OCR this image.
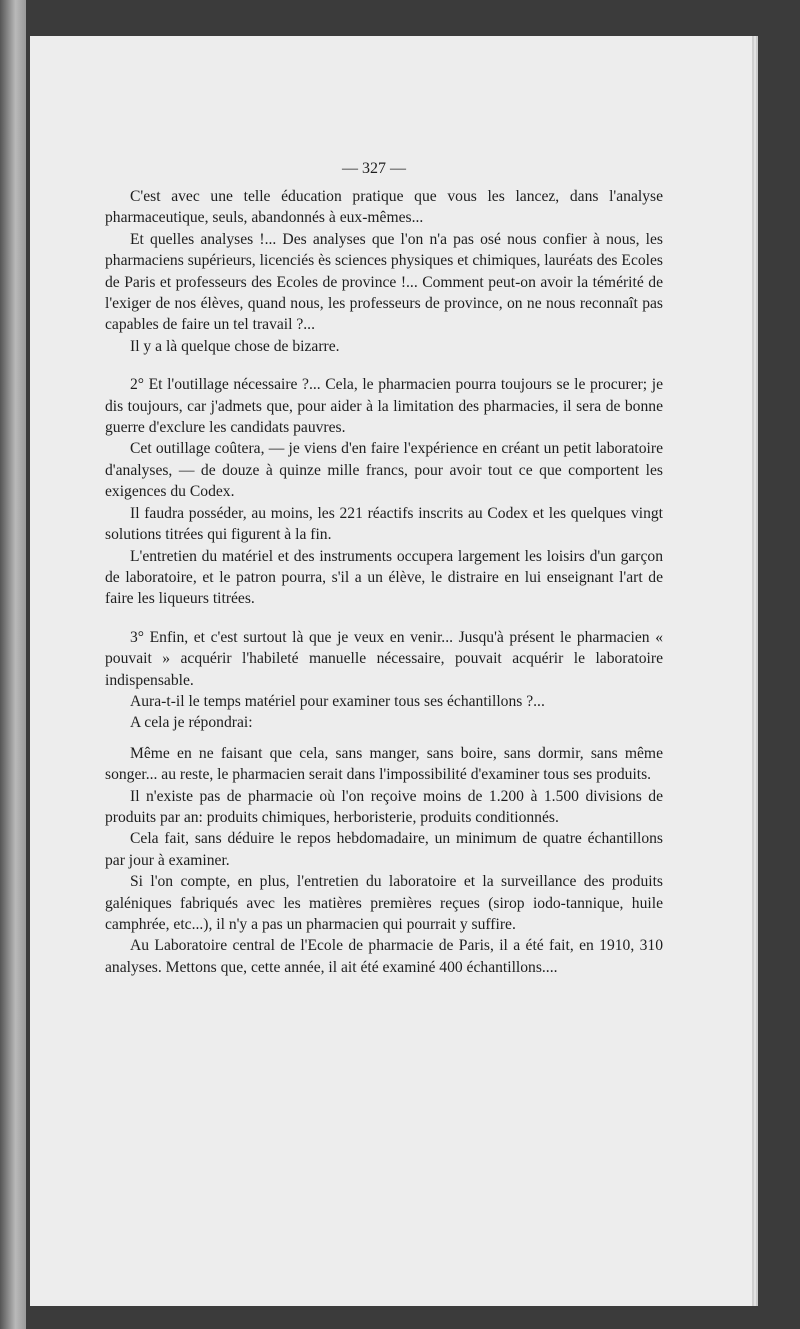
— 327 —

C'est avec une telle éducation pratique que vous les lancez, dans l'analyse pharmaceutique, seuls, abandonnés à eux-mêmes...

Et quelles analyses !... Des analyses que l'on n'a pas osé nous confier à nous, les pharmaciens supérieurs, licenciés ès sciences physiques et chimiques, lauréats des Ecoles de Paris et professeurs des Ecoles de province !... Comment peut-on avoir la témérité de l'exiger de nos élèves, quand nous, les professeurs de province, on ne nous reconnaît pas capables de faire un tel travail ?...

Il y a là quelque chose de bizarre.

2° Et l'outillage nécessaire ?... Cela, le pharmacien pourra toujours se le procurer; je dis toujours, car j'admets que, pour aider à la limitation des pharmacies, il sera de bonne guerre d'exclure les candidats pauvres.

Cet outillage coûtera, — je viens d'en faire l'expérience en créant un petit laboratoire d'analyses, — de douze à quinze mille francs, pour avoir tout ce que comportent les exigences du Codex.

Il faudra posséder, au moins, les 221 réactifs inscrits au Codex et les quelques vingt solutions titrées qui figurent à la fin.

L'entretien du matériel et des instruments occupera largement les loisirs d'un garçon de laboratoire, et le patron pourra, s'il a un élève, le distraire en lui enseignant l'art de faire les liqueurs titrées.

3° Enfin, et c'est surtout là que je veux en venir... Jusqu'à présent le pharmacien « pouvait » acquérir l'habileté manuelle nécessaire, pouvait acquérir le laboratoire indispensable.

Aura-t-il le temps matériel pour examiner tous ses échantillons ?...

A cela je répondrai:

Même en ne faisant que cela, sans manger, sans boire, sans dormir, sans même songer... au reste, le pharmacien serait dans l'impossibilité d'examiner tous ses produits.

Il n'existe pas de pharmacie où l'on reçoive moins de 1.200 à 1.500 divisions de produits par an: produits chimiques, herboristerie, produits conditionnés.

Cela fait, sans déduire le repos hebdomadaire, un minimum de quatre échantillons par jour à examiner.

Si l'on compte, en plus, l'entretien du laboratoire et la surveillance des produits galéniques fabriqués avec les matières premières reçues (sirop iodo-tannique, huile camphrée, etc...), il n'y a pas un pharmacien qui pourrait y suffire.

Au Laboratoire central de l'Ecole de pharmacie de Paris, il a été fait, en 1910, 310 analyses. Mettons que, cette année, il ait été examiné 400 échantillons....
